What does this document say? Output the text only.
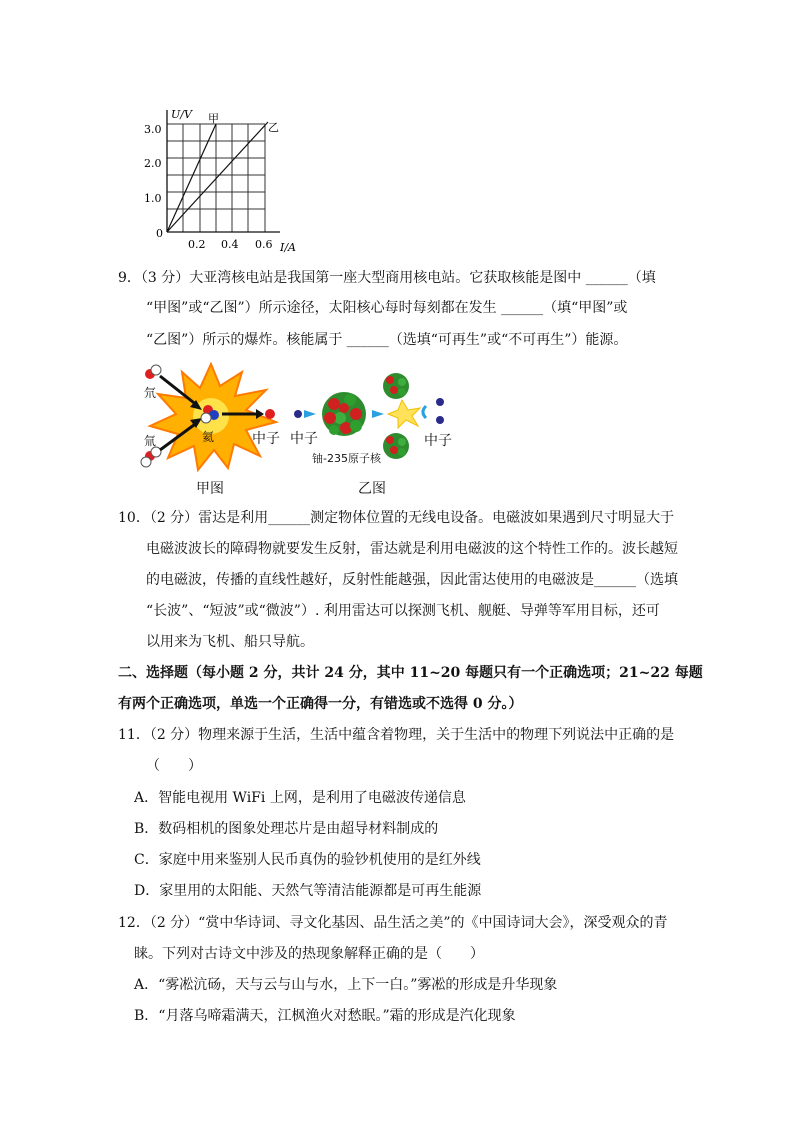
U/V 甲
乙
3.0
2.0
1.0
0
0.2 0.4 0.6 I/A
9．（3 分）大亚湾核电站是我国第一座大型商用核电站。它获取核能是图中 ______（填
“甲图”或“乙图”）所示途径，太阳核心每时每刻都在发生 ______（填“甲图”或
“乙图”）所示的爆炸。核能属于 ______（选填“可再生”或“不可再生”）能源。
氘
氚	氦	中子
甲图
中子
铀-235原子核
中子
乙图
10．（2 分）雷达是利用______测定物体位置的无线电设备。电磁波如果遇到尺寸明显大于
电磁波波长的障碍物就要发生反射，雷达就是利用电磁波的这个特性工作的。波长越短
的电磁波，传播的直线性越好，反射性能越强，因此雷达使用的电磁波是______（选填
“长波”、“短波”或“微波”）. 利用雷达可以探测飞机、舰艇、导弹等军用目标，还可
以用来为飞机、船只导航。
二、选择题（每小题 2 分，共计 24 分，其中 11~20 每题只有一个正确选项；21~22 每题
有两个正确选项，单选一个正确得一分，有错选或不选得 0 分。）
11．（2 分）物理来源于生活，生活中蕴含着物理，关于生活中的物理下列说法中正确的是
（　　）
A．智能电视用 WiFi 上网，是利用了电磁波传递信息
B．数码相机的图象处理芯片是由超导材料制成的
C．家庭中用来鉴别人民币真伪的验钞机使用的是红外线
D．家里用的太阳能、天然气等清洁能源都是可再生能源
12．（2 分）“赏中华诗词、寻文化基因、品生活之美”的《中国诗词大会》，深受观众的青
睐。下列对古诗文中涉及的热现象解释正确的是（　　）
A．“雾凇沆砀，天与云与山与水，上下一白。”雾凇的形成是升华现象
B．“月落乌啼霜满天，江枫渔火对愁眠。”霜的形成是汽化现象
